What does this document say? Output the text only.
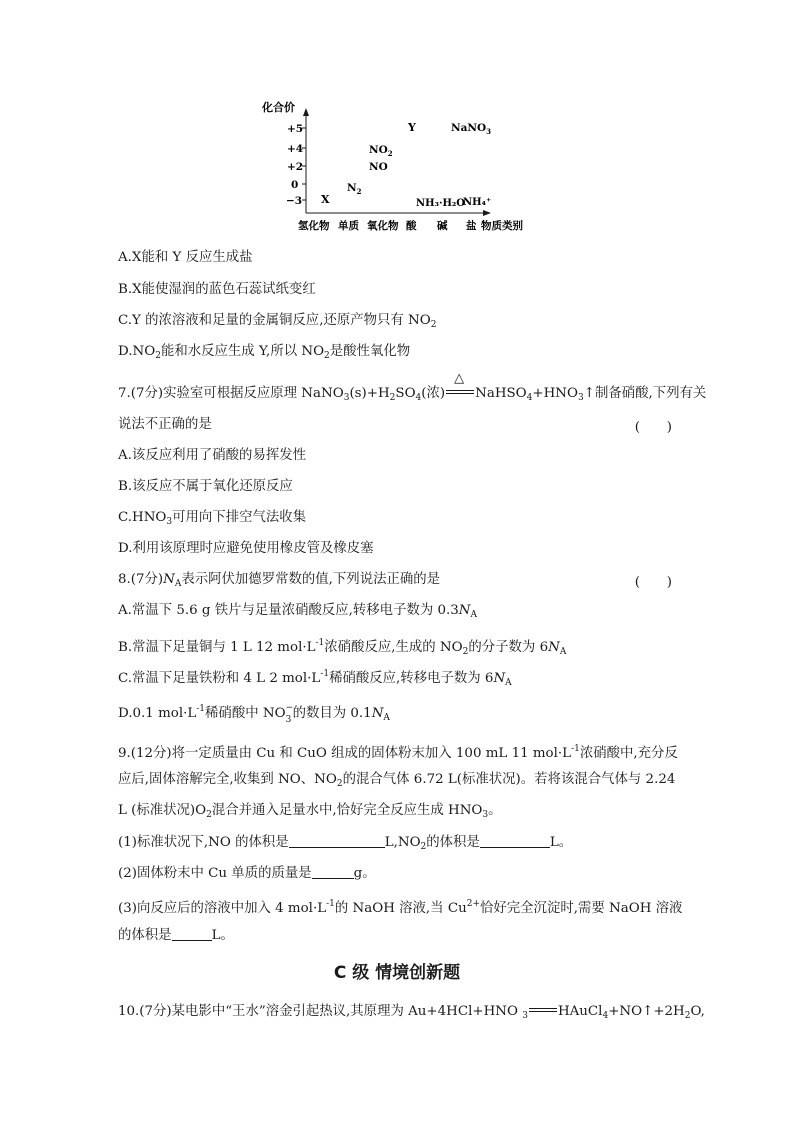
化合价
+5
+4
+2
0
−3
氢化物 单质 氧化物 酸 碱 盐 物质类别
X
$N_2$
$NO_2$
NO
Y	NaNO$_3$
NH₃·H₂O
NH₄⁺
A.X能和 Y 反应生成盐
B.X能使湿润的蓝色石蕊试纸变红
C.Y 的浓溶液和足量的金属铜反应,还原产物只有 $NO_2$
$D.NO_2$能和水反应生成 Y,所以 $NO_2$是酸性氧化物
7.(7分)实验室可根据反应原理 $NaNO_3(s)+H_2SO_4$(浓)
△
$NaHSO_4+HNO_3↑$制备硝酸,下列有关
说法不正确的是	(　　)
A.该反应利用了硝酸的易挥发性
B.该反应不属于氧化还原反应
$C.HNO_3$可用向下排空气法收集
D.利用该原理时应避免使用橡皮管及橡皮塞
8.(7分)$N_A$表示阿伏加德罗常数的值,下列说法正确的是	(　　)
A.常温下 5.6 g 铁片与足量浓硝酸反应,转移电子数为 $0.3N_A$
B.常温下足量铜与 1 L 12 $mol\cdot L^{-1}$浓硝酸反应,生成的 $NO_2$的分子数为 $6N_A$
C.常温下足量铁粉和 4 L 2 $mol\cdot L^{-1}$稀硝酸反应,转移电子数为 $6N_A$
D.0.1 $mol\cdot L^{-1}$稀硝酸中 NO −
3 的数目为 $0.1N_A$
9.(12分)将一定质量由 Cu 和 CuO 组成的固体粉末加入 100 mL 11 $mol\cdot L^{-1}$浓硝酸中,充分反
应后,固体溶解完全,收集到 NO、$NO_2$的混合气体 6.72 L(标准状况)。若将该混合气体与 2.24
L (标准状况)$O_2$混合并通入足量水中,恰好完全反应生成 $HNO_3$。
(1)标准状况下,NO 的体积是	$L,NO_2$的体积是	L。
(2)固体粉末中 Cu 单质的质量是	g。
(3)向反应后的溶液中加入 4 $mol\cdot L^{-1}$的 NaOH 溶液,当 $Cu^{2+}$恰好完全沉淀时,需要 NaOH 溶液
的体积是	L。
C 级 情境创新题
10.(7分)某电影中“王水”溶金引起热议,其原理为 Au+4HCl+HNO $_3$ $HAuCl_4+NO↑+2H_2O$,
